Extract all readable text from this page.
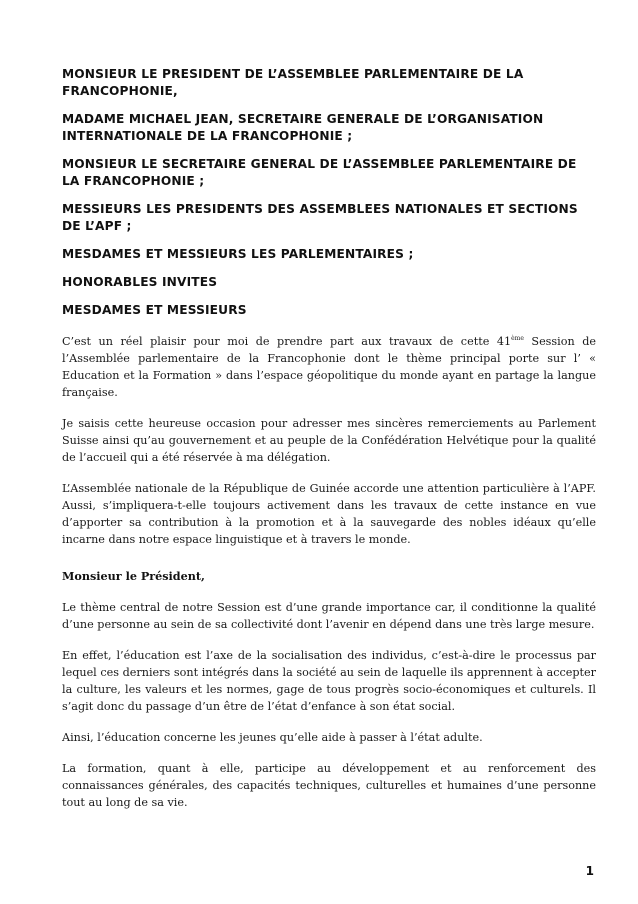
MONSIEUR LE PRESIDENT DE L’ASSEMBLEE PARLEMENTAIRE DE LA FRANCOPHONIE,

MADAME MICHAEL JEAN, SECRETAIRE GENERALE DE L’ORGANISATION INTERNATIONALE DE LA FRANCOPHONIE ;

MONSIEUR LE SECRETAIRE GENERAL DE L’ASSEMBLEE PARLEMENTAIRE DE LA FRANCOPHONIE ;

MESSIEURS LES PRESIDENTS DES ASSEMBLEES NATIONALES ET SECTIONS DE L’APF ;

MESDAMES ET MESSIEURS LES PARLEMENTAIRES ;

HONORABLES INVITES

MESDAMES ET MESSIEURS

C’est un réel plaisir pour moi de prendre part aux travaux de cette 41ème Session de l’Assemblée parlementaire de la Francophonie dont le thème principal porte sur l’ « Education et la Formation » dans l’espace géopolitique du monde ayant en partage la langue française.

Je saisis cette heureuse occasion pour adresser mes sincères remerciements au Parlement Suisse ainsi qu’au gouvernement et au peuple de la Confédération Helvétique pour la qualité de l’accueil qui a été réservée à ma délégation.

L’Assemblée nationale de la République de Guinée accorde une attention particulière à l’APF. Aussi, s’impliquera-t-elle toujours activement dans les travaux de cette instance en vue d’apporter sa contribution à la promotion et à la sauvegarde des nobles idéaux qu’elle incarne dans notre espace linguistique et à travers le monde.

Monsieur le Président,

Le thème central de notre Session est d’une grande importance car, il conditionne la qualité d’une personne au sein de sa collectivité dont l’avenir en dépend dans une très large mesure.

En effet, l’éducation est l’axe de la socialisation des individus, c’est-à-dire le processus par lequel ces derniers sont intégrés dans la société au sein de laquelle ils apprennent à accepter la culture, les valeurs et les normes, gage de tous progrès socio-économiques et culturels. Il s’agit donc du passage d’un être de l’état d’enfance à son état social.

Ainsi, l’éducation concerne les jeunes qu’elle aide à passer à l’état adulte.

La formation, quant à elle, participe au développement et au renforcement des connaissances générales, des capacités techniques, culturelles et humaines d’une personne tout au long de sa vie.

1
